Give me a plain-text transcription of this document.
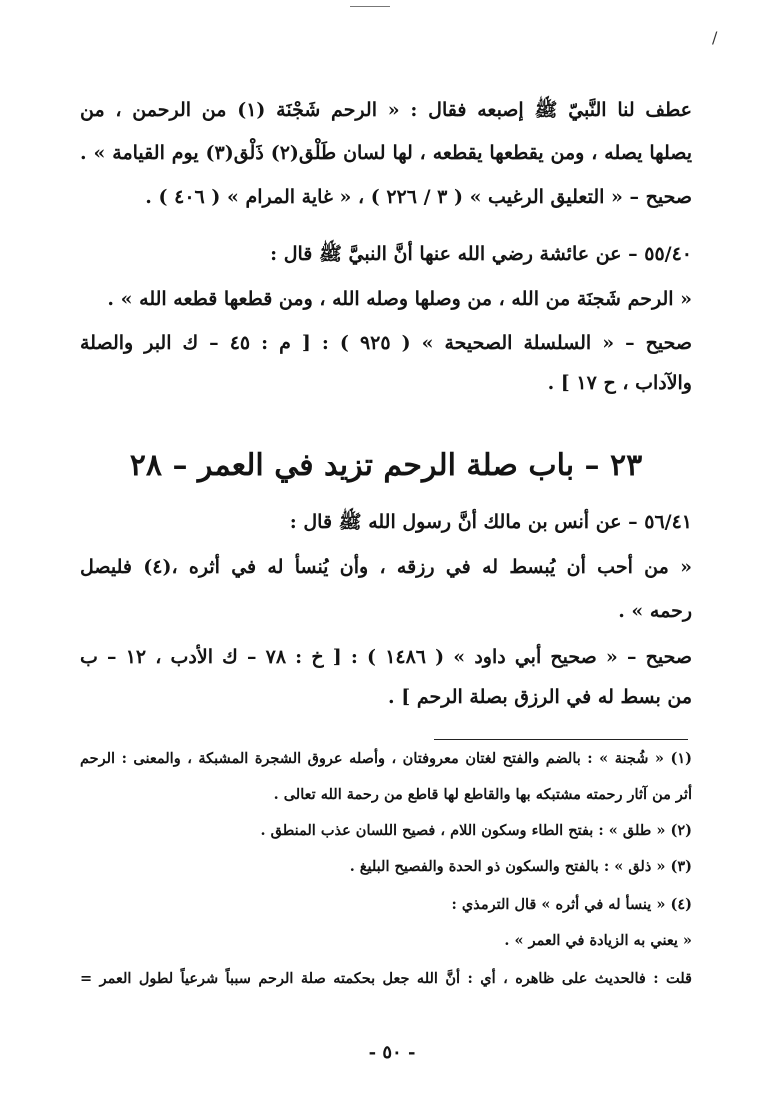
/
عطف لنا النَّبيّ ﷺ إصبعه فقال : « الرحم شَجْنَة (١) من الرحمن ، من
يصلها يصله ، ومن يقطعها يقطعه ، لها لسان طَلْق(٢) ذَلْق(٣) يوم القيامة » .
صحيح – « التعليق الرغيب » ( ٣ / ٢٢٦ ) ، « غاية المرام » ( ٤٠٦ ) .
٥٥/٤٠ – عن عائشة رضي الله عنها أنَّ النبيَّ ﷺ قال :
« الرحم شَجنَة من الله ، من وصلها وصله الله ، ومن قطعها قطعه الله » .
صحيح – « السلسلة الصحيحة » ( ٩٢٥ ) : [ م : ٤٥ – ك البر والصلة
والآداب ، ح ١٧ ] .
٢٣ – باب صلة الرحم تزيد في العمر – ٢٨
٥٦/٤١ – عن أنس بن مالك أنَّ رسول الله ﷺ قال :
« من أحب أن يُبسط له في رزقه ، وأن يُنسأ له في أثره ،(٤) فليصل
رحمه » .
صحيح – « صحيح أبي داود » ( ١٤٨٦ ) : [ خ : ٧٨ – ك الأدب ، ١٢ – ب
من بسط له في الرزق بصلة الرحم ] .
(١) « شُجنة » : بالضم والفتح لغتان معروفتان ، وأصله عروق الشجرة المشبكة ، والمعنى : الرحم
أثر من آثار رحمته مشتبكه بها والقاطع لها قاطع من رحمة الله تعالى .
(٢) « طلق » : بفتح الطاء وسكون اللام ، فصيح اللسان عذب المنطق .
(٣) « ذلق » : بالفتح والسكون ذو الحدة والفصيح البليغ .
(٤) « ينسأ له في أثره » قال الترمذي :
« يعني به الزيادة في العمر » .
قلت : فالحديث على ظاهره ، أي : أنَّ الله جعل بحكمته صلة الرحم سبباً شرعياً لطول العمر =
- ٥٠ -
